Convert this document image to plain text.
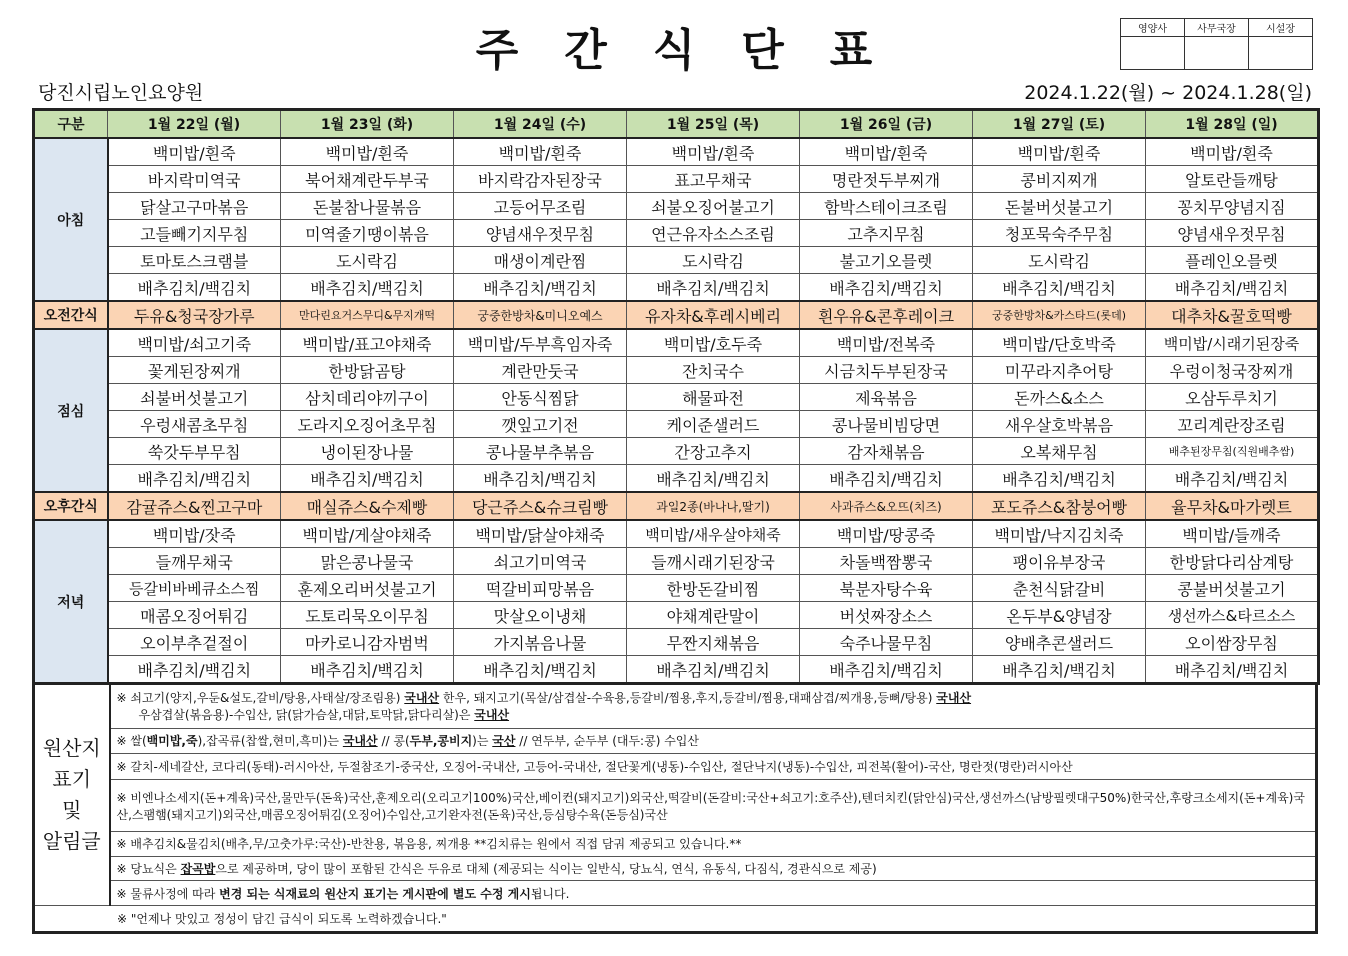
주간식단표	영양사	사무국장	시설장

당진시립노인요양원	2024.1.22(월) ~ 2024.1.28(일)
구분	1월 22일 (월)	1월 23일 (화)	1월 24일 (수)	1월 25일 (목)	1월 26일 (금)	1월 27일 (토)	1월 28일 (일)
아침	백미밥/흰죽	백미밥/흰죽	백미밥/흰죽	백미밥/흰죽	백미밥/흰죽	백미밥/흰죽	백미밥/흰죽
	바지락미역국	북어채계란두부국	바지락감자된장국	표고무채국	명란젓두부찌개	콩비지찌개	알토란들깨탕
	닭살고구마볶음	돈불참나물볶음	고등어무조림	쇠불오징어불고기	함박스테이크조림	돈불버섯불고기	꽁치무양념지짐
	고들빼기지무침	미역줄기땡이볶음	양념새우젓무침	연근유자소스조림	고추지무침	청포묵숙주무침	양념새우젓무침
	토마토스크램블	도시락김	매생이계란찜	도시락김	불고기오믈렛	도시락김	플레인오믈렛
	배추김치/백김치	배추김치/백김치	배추김치/백김치	배추김치/백김치	배추김치/백김치	배추김치/백김치	배추김치/백김치
오전간식	두유&청국장가루	만다린요거스무디&무지개떡	궁중한방차&미니오예스	유자차&후레시베리	흰우유&콘후레이크	궁중한방차&카스타드(롯데)	대추차&꿀호떡빵
점심	백미밥/쇠고기죽	백미밥/표고야채죽	백미밥/두부흑임자죽	백미밥/호두죽	백미밥/전복죽	백미밥/단호박죽	백미밥/시래기된장죽
	꽃게된장찌개	한방닭곰탕	계란만둣국	잔치국수	시금치두부된장국	미꾸라지추어탕	우렁이청국장찌개
	쇠불버섯불고기	삼치데리야끼구이	안동식찜닭	해물파전	제육볶음	돈까스&소스	오삼두루치기
	우렁새콤초무침	도라지오징어초무침	깻잎고기전	케이준샐러드	콩나물비빔당면	새우살호박볶음	꼬리계란장조림
	쑥갓두부무침	냉이된장나물	콩나물부추볶음	간장고추지	감자채볶음	오복채무침	배추된장무침(직원배추쌈)
	배추김치/백김치	배추김치/백김치	배추김치/백김치	배추김치/백김치	배추김치/백김치	배추김치/백김치	배추김치/백김치
오후간식	감귤쥬스&찐고구마	매실쥬스&수제빵	당근쥬스&슈크림빵	과일2종(바나나,딸기)	사과쥬스&오뜨(치즈)	포도쥬스&참붕어빵	율무차&마가렛트
저녁	백미밥/잣죽	백미밥/게살야채죽	백미밥/닭살야채죽	백미밥/새우살야채죽	백미밥/땅콩죽	백미밥/낙지김치죽	백미밥/들깨죽
	들깨무채국	맑은콩나물국	쇠고기미역국	들깨시래기된장국	차돌백짬뽕국	팽이유부장국	한방닭다리삼계탕
	등갈비바베큐소스찜	훈제오리버섯불고기	떡갈비피망볶음	한방돈갈비찜	북분자탕수육	춘천식닭갈비	콩불버섯불고기
	매콤오징어튀김	도토리묵오이무침	맛살오이냉채	야채계란말이	버섯짜장소스	온두부&양념장	생선까스&타르소스
	오이부추겉절이	마카로니감자범벅	가지볶음나물	무짠지채볶음	숙주나물무침	양배추콘샐러드	오이쌈장무침
	배추김치/백김치	배추김치/백김치	배추김치/백김치	배추김치/백김치	배추김치/백김치	배추김치/백김치	배추김치/백김치
원산지
표기
및
알림글

※ 쇠고기(양지,우둔&설도,갈비/탕용,사태살/장조림용) 국내산 한우, 돼지고기(목살/삼겹살-수육용,등갈비/찜용,후지,등갈비/찜용,대패삼겹/찌개용,등뼈/탕용) 국내산
우삼겹살(볶음용)-수입산, 닭(닭가슴살,대닭,토막닭,닭다리살)은 국내산

※ 쌀(백미밥,죽),잡곡류(찹쌀,현미,흑미)는 국내산 // 콩(두부,콩비지)는 국산 // 연두부, 순두부 (대두:콩) 수입산
※ 갈치-세네갈산, 코다리(동태)-러시아산, 두절참조기-중국산, 오징어-국내산, 고등어-국내산, 절단꽃게(냉동)-수입산, 절단낙지(냉동)-수입산, 피전복(활어)-국산, 명란젓(명란)러시아산
※ 비엔나소세지(돈+계육)국산,물만두(돈육)국산,훈제오리(오리고기100%)국산,베이컨(돼지고기)외국산,떡갈비(돈갈비:국산+쇠고기:호주산),텐더치킨(닭안심)국산,생선까스(남방필렛대구50%)한국산,후랑크소세지(돈+계육)국산,스팸햄(돼지고기)외국산,매콤오징어튀김(오징어)수입산,고기완자전(돈육)국산,등심탕수육(돈등심)국산
※ 배추김치&물김치(배추,무/고춧가루:국산)-반찬용, 볶음용, 찌개용 **김치류는 원에서 직접 담궈 제공되고 있습니다.**
※ 당뇨식은 잡곡밥으로 제공하며, 당이 많이 포함된 간식은 두유로 대체 (제공되는 식이는 일반식, 당뇨식, 연식, 유동식, 다짐식, 경관식으로 제공)
※ 물류사정에 따라 변경 되는 식재료의 원산지 표기는 게시판에 별도 수정 게시됩니다.
※ "언제나 맛있고 정성이 담긴 급식이 되도록 노력하겠습니다."
